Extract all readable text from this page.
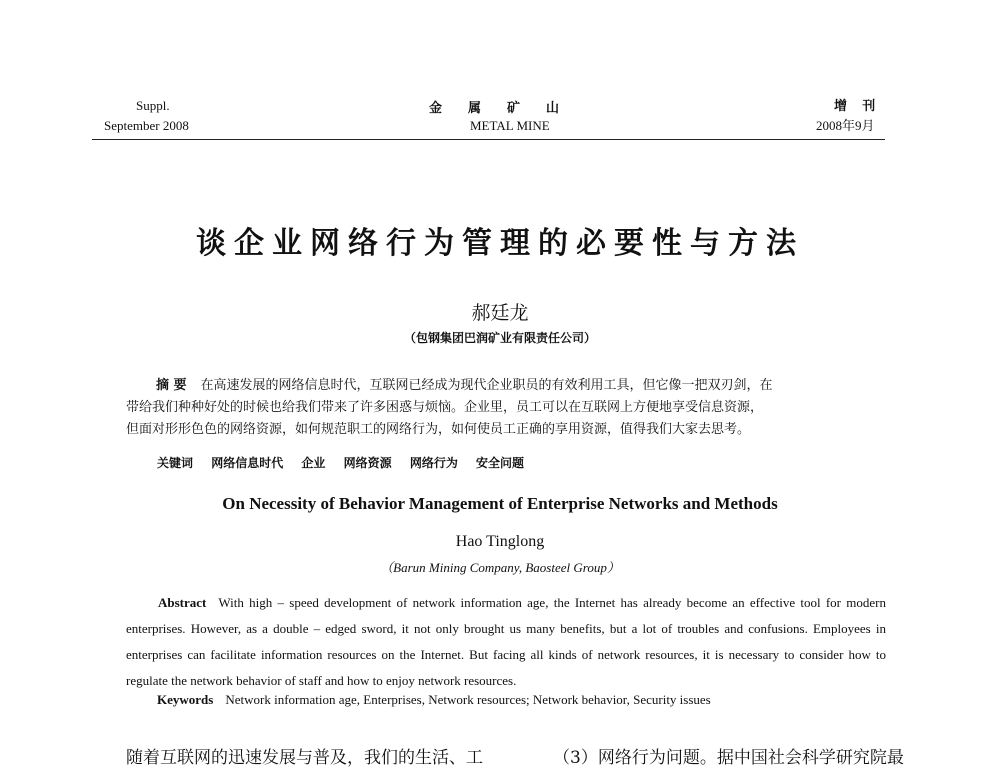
Suppl.
September 2008
金属矿山
METAL MINE
增 刊
2008年9月
谈企业网络行为管理的必要性与方法
郝廷龙
（包钢集团巴润矿业有限责任公司）

摘 要 在高速发展的网络信息时代，互联网已经成为现代企业职员的有效利用工具，但它像一把双刃剑，在

带给我们种种好处的时候也给我们带来了许多困惑与烦恼。企业里，员工可以在互联网上方便地享受信息资源，

但面对形形色色的网络资源，如何规范职工的网络行为，如何使员工正确的享用资源，值得我们大家去思考。

关键词 网络信息时代 企业 网络资源 网络行为 安全问题
On Necessity of Behavior Management of Enterprise Networks and Methods
Hao Tinglong
（Barun Mining Company, Baosteel Group）
Abstract With high – speed development of network information age, the Internet has already become an effective tool for modern enterprises. However, as a double – edged sword, it not only brought us many benefits, but a lot of troubles and confusions. Employees in enterprises can facilitate information resources on the Internet. But facing all kinds of network resources, it is necessary to consider how to regulate the network behavior of staff and how to enjoy network resources.
Keywords Network information age, Enterprises, Network resources; Network behavior, Security issues
随着互联网的迅速发展与普及，我们的生活、工	（3）网络行为问题。据中国社会科学研究院最
